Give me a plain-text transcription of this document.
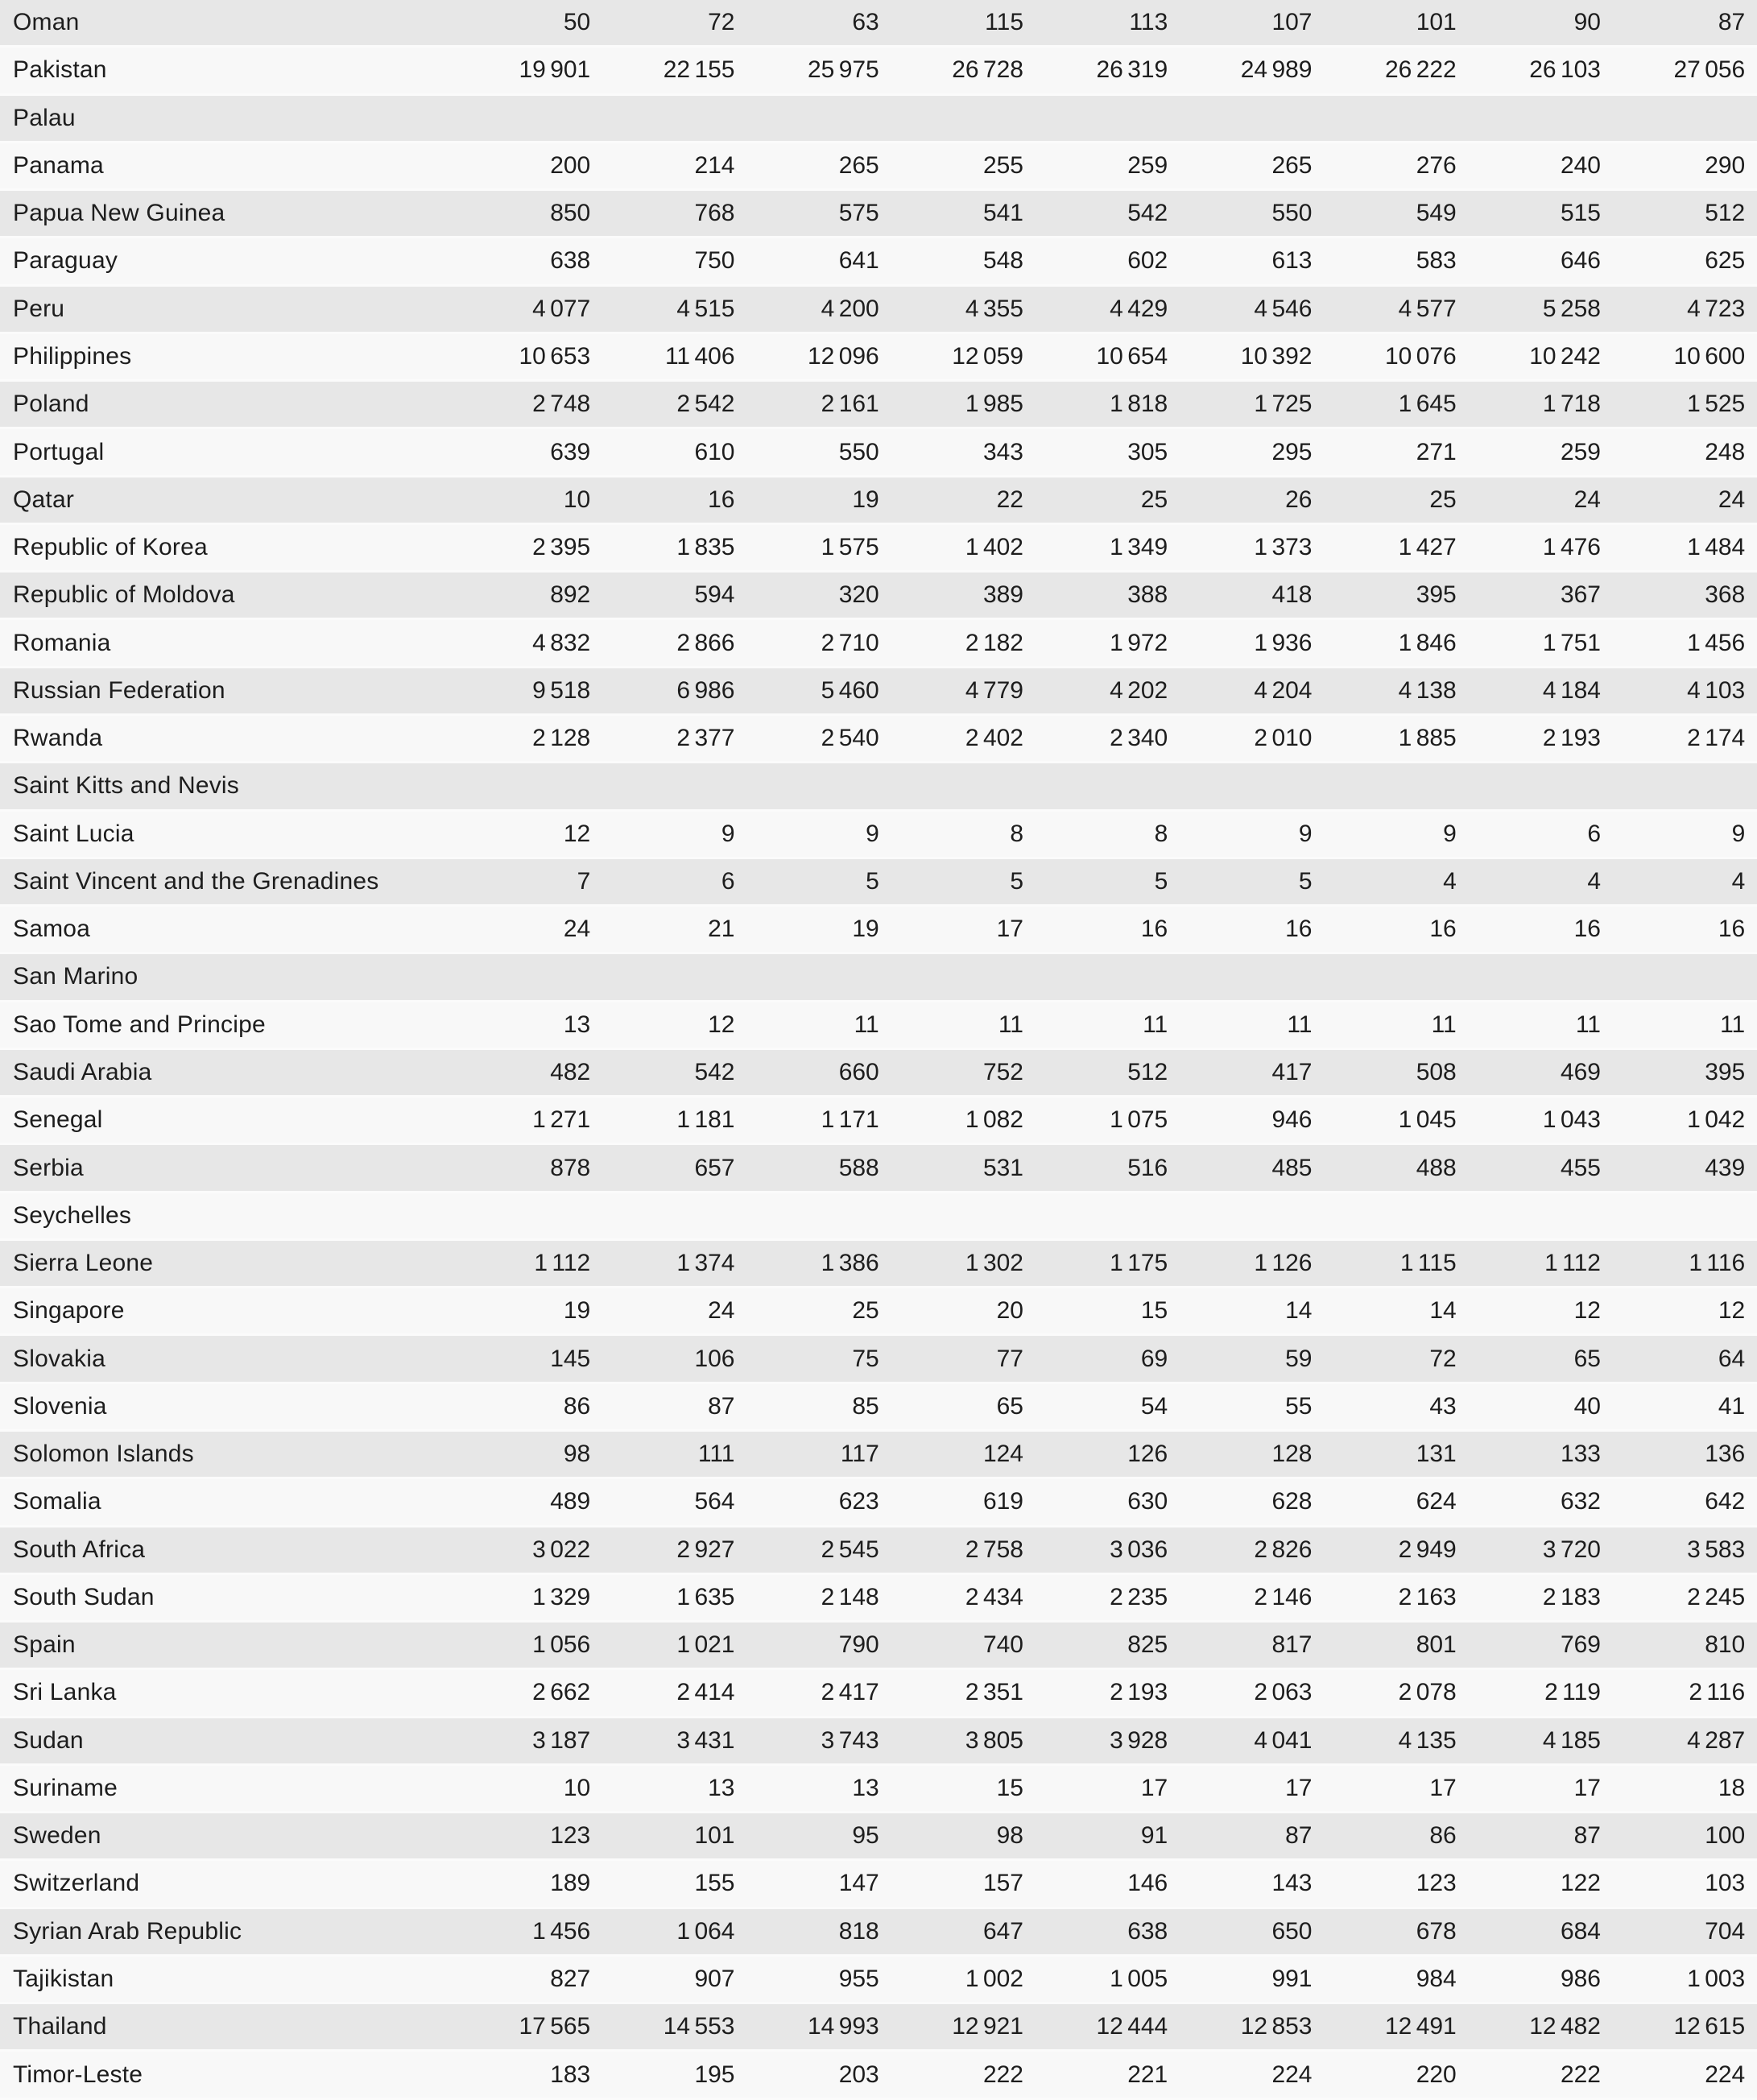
Oman	50	72	63	115	113	107	101	90	87
Pakistan	19 901	22 155	25 975	26 728	26 319	24 989	26 222	26 103	27 056
Palau
Panama	200	214	265	255	259	265	276	240	290
Papua New Guinea	850	768	575	541	542	550	549	515	512
Paraguay	638	750	641	548	602	613	583	646	625
Peru	4 077	4 515	4 200	4 355	4 429	4 546	4 577	5 258	4 723
Philippines	10 653	11 406	12 096	12 059	10 654	10 392	10 076	10 242	10 600
Poland	2 748	2 542	2 161	1 985	1 818	1 725	1 645	1 718	1 525
Portugal	639	610	550	343	305	295	271	259	248
Qatar	10	16	19	22	25	26	25	24	24
Republic of Korea	2 395	1 835	1 575	1 402	1 349	1 373	1 427	1 476	1 484
Republic of Moldova	892	594	320	389	388	418	395	367	368
Romania	4 832	2 866	2 710	2 182	1 972	1 936	1 846	1 751	1 456
Russian Federation	9 518	6 986	5 460	4 779	4 202	4 204	4 138	4 184	4 103
Rwanda	2 128	2 377	2 540	2 402	2 340	2 010	1 885	2 193	2 174
Saint Kitts and Nevis
Saint Lucia	12	9	9	8	8	9	9	6	9
Saint Vincent and the Grenadines	7	6	5	5	5	5	4	4	4
Samoa	24	21	19	17	16	16	16	16	16
San Marino
Sao Tome and Principe	13	12	11	11	11	11	11	11	11
Saudi Arabia	482	542	660	752	512	417	508	469	395
Senegal	1 271	1 181	1 171	1 082	1 075	946	1 045	1 043	1 042
Serbia	878	657	588	531	516	485	488	455	439
Seychelles
Sierra Leone	1 112	1 374	1 386	1 302	1 175	1 126	1 115	1 112	1 116
Singapore	19	24	25	20	15	14	14	12	12
Slovakia	145	106	75	77	69	59	72	65	64
Slovenia	86	87	85	65	54	55	43	40	41
Solomon Islands	98	111	117	124	126	128	131	133	136
Somalia	489	564	623	619	630	628	624	632	642
South Africa	3 022	2 927	2 545	2 758	3 036	2 826	2 949	3 720	3 583
South Sudan	1 329	1 635	2 148	2 434	2 235	2 146	2 163	2 183	2 245
Spain	1 056	1 021	790	740	825	817	801	769	810
Sri Lanka	2 662	2 414	2 417	2 351	2 193	2 063	2 078	2 119	2 116
Sudan	3 187	3 431	3 743	3 805	3 928	4 041	4 135	4 185	4 287
Suriname	10	13	13	15	17	17	17	17	18
Sweden	123	101	95	98	91	87	86	87	100
Switzerland	189	155	147	157	146	143	123	122	103
Syrian Arab Republic	1 456	1 064	818	647	638	650	678	684	704
Tajikistan	827	907	955	1 002	1 005	991	984	986	1 003
Thailand	17 565	14 553	14 993	12 921	12 444	12 853	12 491	12 482	12 615
Timor-Leste	183	195	203	222	221	224	220	222	224
